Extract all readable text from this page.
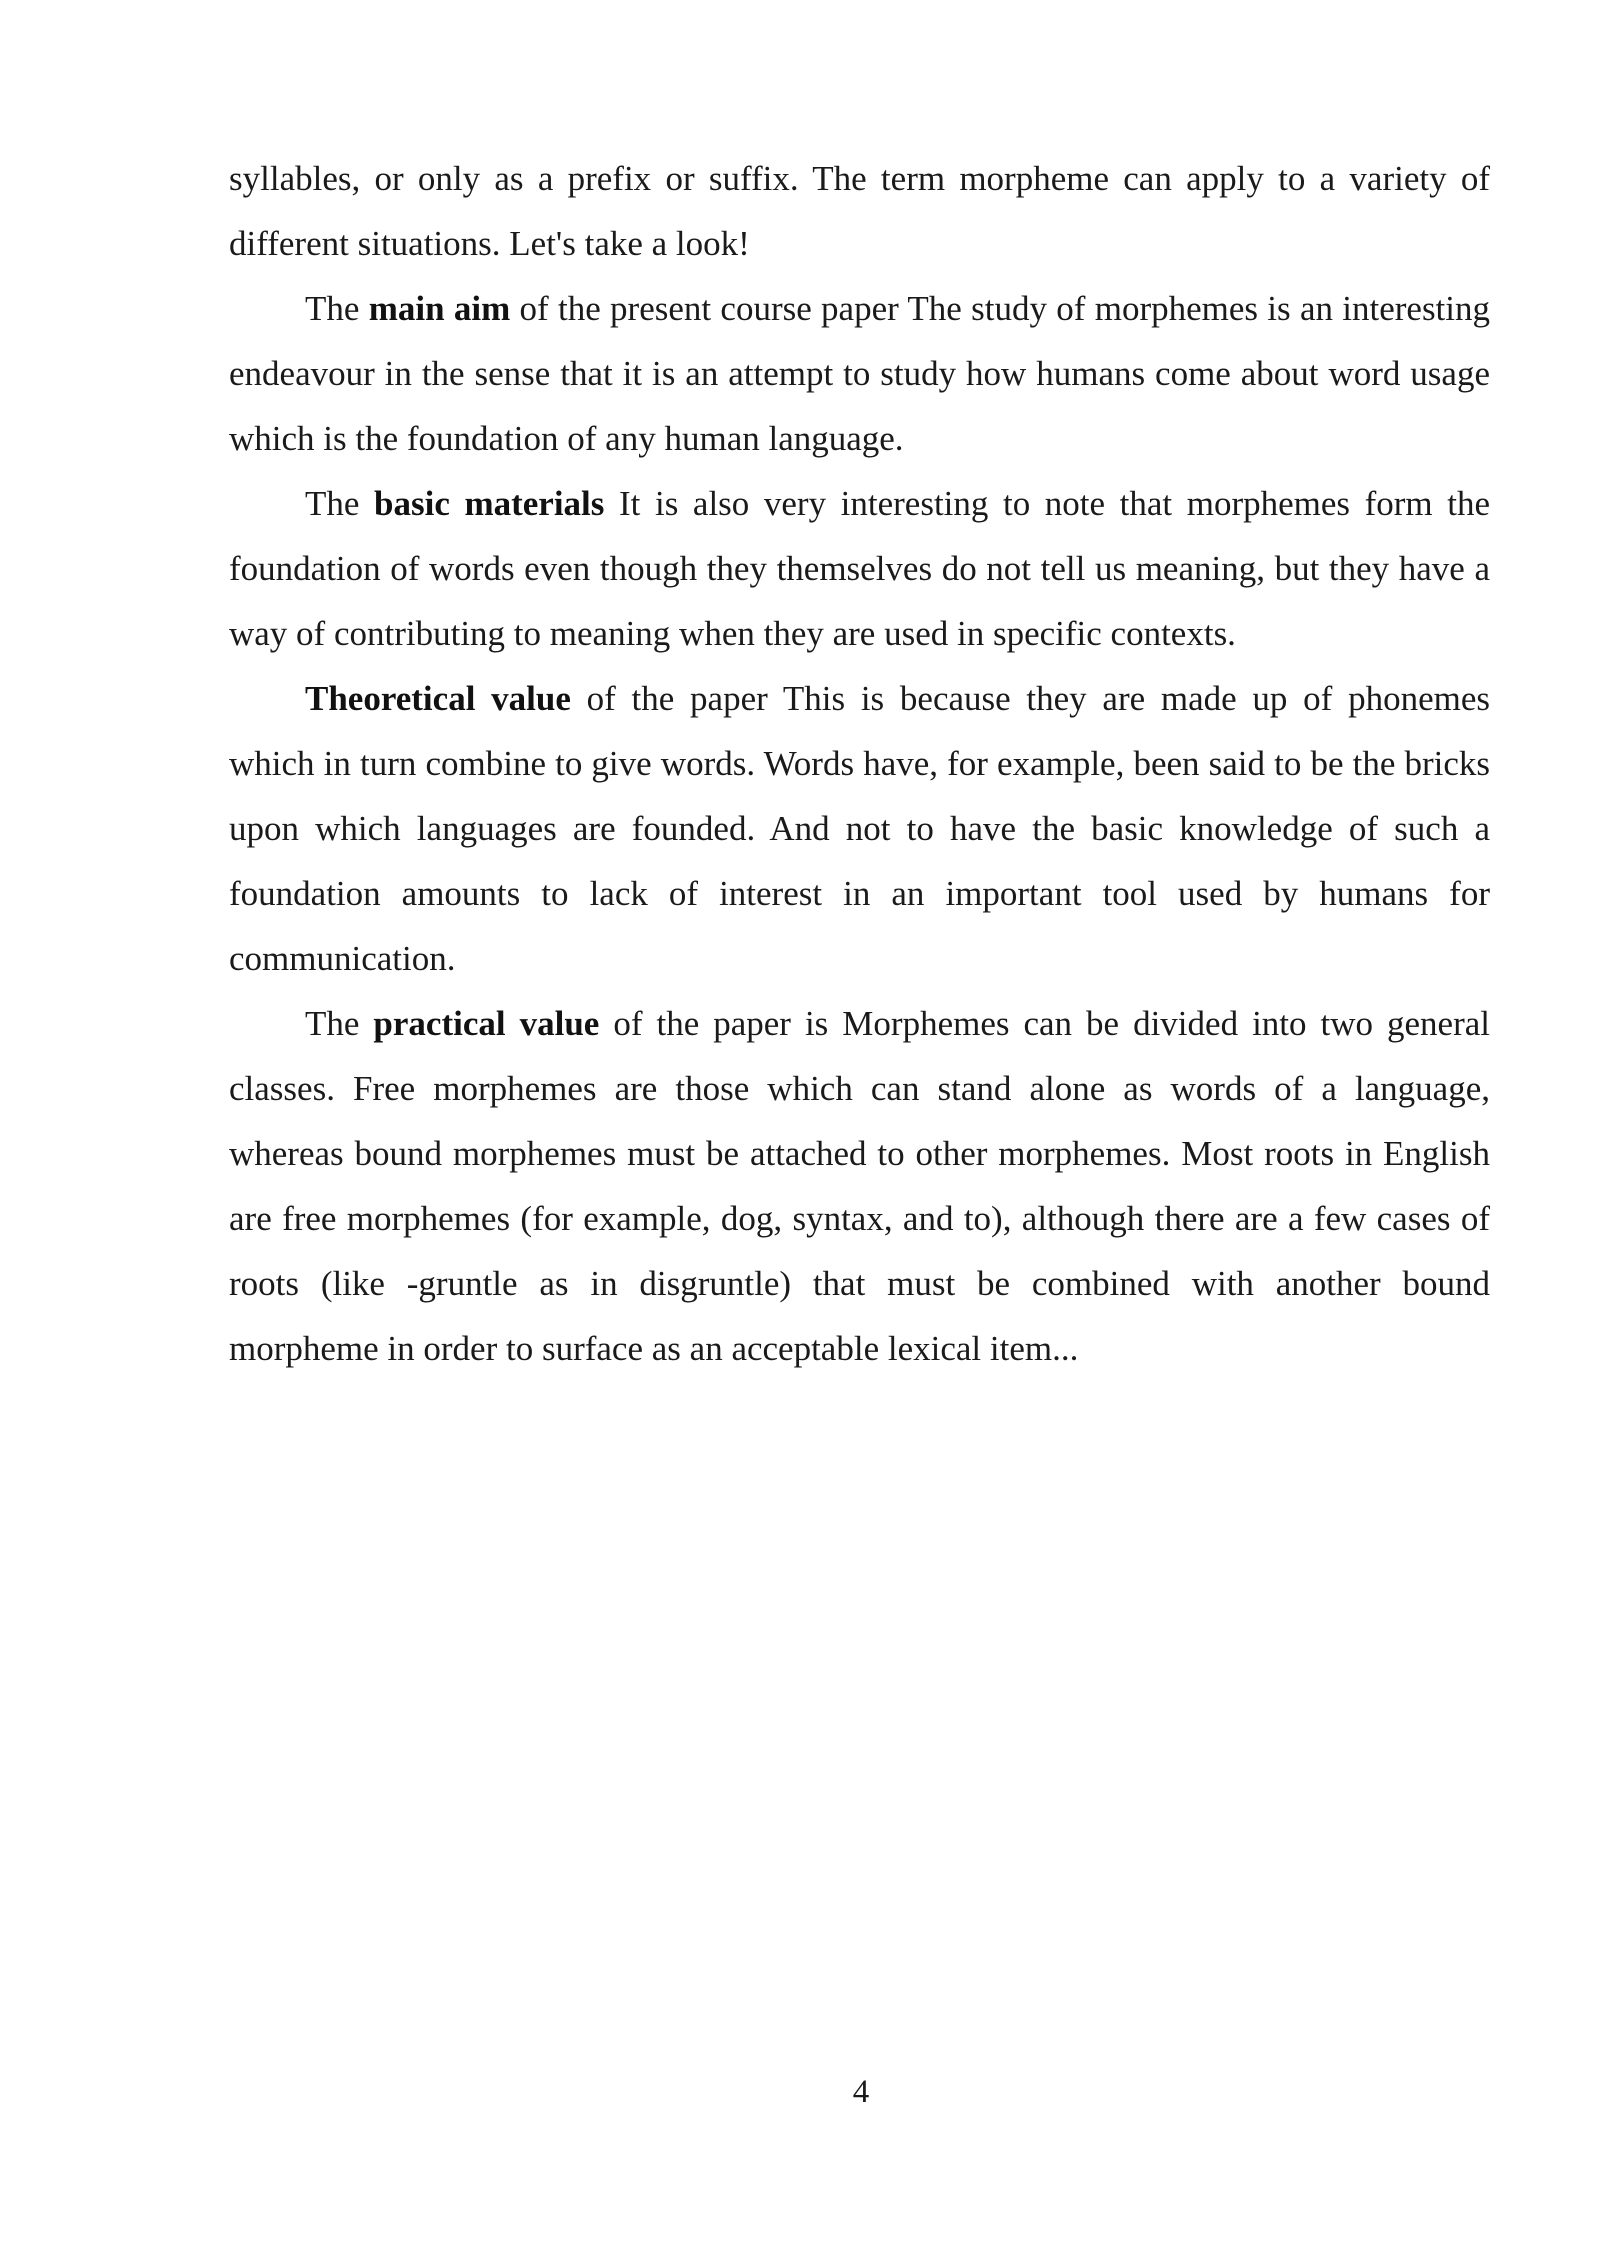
syllables, or only as a prefix or suffix. The term morpheme can apply to a variety of different situations. Let's take a look!

The main aim of the present course paper The study of morphemes is an interesting endeavour in the sense that it is an attempt to study how humans come about word usage which is the foundation of any human language.

The basic materials It is also very interesting to note that morphemes form the foundation of words even though they themselves do not tell us meaning, but they have a way of contributing to meaning when they are used in specific contexts.

Theoretical value of the paper This is because they are made up of phonemes which in turn combine to give words. Words have, for example, been said to be the bricks upon which languages are founded. And not to have the basic knowledge of such a foundation amounts to lack of interest in an important tool used by humans for communication.

The practical value of the paper is Morphemes can be divided into two general classes. Free morphemes are those which can stand alone as words of a language, whereas bound morphemes must be attached to other morphemes. Most roots in English are free morphemes (for example, dog, syntax, and to), although there are a few cases of roots (like -gruntle as in disgruntle) that must be combined with another bound morpheme in order to surface as an acceptable lexical item...

4
